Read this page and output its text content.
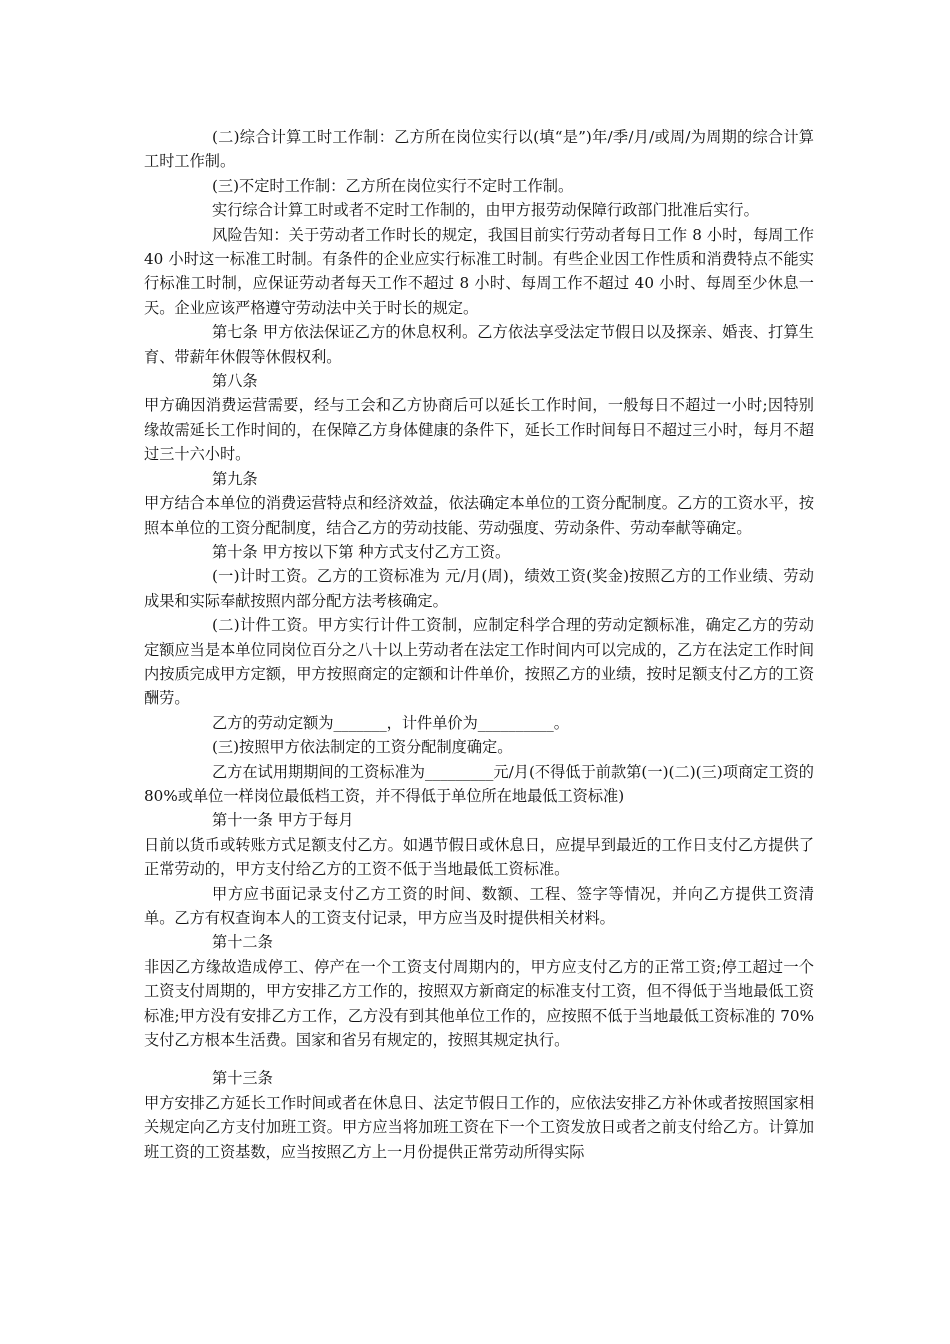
(二)综合计算工时工作制：乙方所在岗位实行以(填“是”)年/季/月/或周/为周期的综合计算工时工作制。

(三)不定时工作制：乙方所在岗位实行不定时工作制。

实行综合计算工时或者不定时工作制的，由甲方报劳动保障行政部门批准后实行。

风险告知：关于劳动者工作时长的规定，我国目前实行劳动者每日工作 8 小时，每周工作 40 小时这一标准工时制。有条件的企业应实行标准工时制。有些企业因工作性质和消费特点不能实行标准工时制，应保证劳动者每天工作不超过 8 小时、每周工作不超过 40 小时、每周至少休息一天。企业应该严格遵守劳动法中关于时长的规定。

第七条 甲方依法保证乙方的休息权利。乙方依法享受法定节假日以及探亲、婚丧、打算生育、带薪年休假等休假权利。

第八条

甲方确因消费运营需要，经与工会和乙方协商后可以延长工作时间，一般每日不超过一小时;因特别缘故需延长工作时间的，在保障乙方身体健康的条件下，延长工作时间每日不超过三小时，每月不超过三十六小时。

第九条

甲方结合本单位的消费运营特点和经济效益，依法确定本单位的工资分配制度。乙方的工资水平，按照本单位的工资分配制度，结合乙方的劳动技能、劳动强度、劳动条件、劳动奉献等确定。

第十条 甲方按以下第 种方式支付乙方工资。

(一)计时工资。乙方的工资标准为 元/月(周)，绩效工资(奖金)按照乙方的工作业绩、劳动成果和实际奉献按照内部分配方法考核确定。

(二)计件工资。甲方实行计件工资制，应制定科学合理的劳动定额标准，确定乙方的劳动定额应当是本单位同岗位百分之八十以上劳动者在法定工作时间内可以完成的，乙方在法定工作时间内按质完成甲方定额，甲方按照商定的定额和计件单价，按照乙方的业绩，按时足额支付乙方的工资酬劳。

乙方的劳动定额为_______，计件单价为__________。

(三)按照甲方依法制定的工资分配制度确定。

乙方在试用期期间的工资标准为_________元/月(不得低于前款第(一)(二)(三)项商定工资的 80%或单位一样岗位最低档工资，并不得低于单位所在地最低工资标准)

第十一条 甲方于每月

日前以货币或转账方式足额支付乙方。如遇节假日或休息日，应提早到最近的工作日支付乙方提供了正常劳动的，甲方支付给乙方的工资不低于当地最低工资标准。

甲方应书面记录支付乙方工资的时间、数额、工程、签字等情况，并向乙方提供工资清单。乙方有权查询本人的工资支付记录，甲方应当及时提供相关材料。

第十二条

非因乙方缘故造成停工、停产在一个工资支付周期内的，甲方应支付乙方的正常工资;停工超过一个工资支付周期的，甲方安排乙方工作的，按照双方新商定的标准支付工资，但不得低于当地最低工资标准;甲方没有安排乙方工作，乙方没有到其他单位工作的，应按照不低于当地最低工资标准的 70%支付乙方根本生活费。国家和省另有规定的，按照其规定执行。

第十三条

甲方安排乙方延长工作时间或者在休息日、法定节假日工作的，应依法安排乙方补休或者按照国家相关规定向乙方支付加班工资。甲方应当将加班工资在下一个工资发放日或者之前支付给乙方。计算加班工资的工资基数，应当按照乙方上一月份提供正常劳动所得实际
